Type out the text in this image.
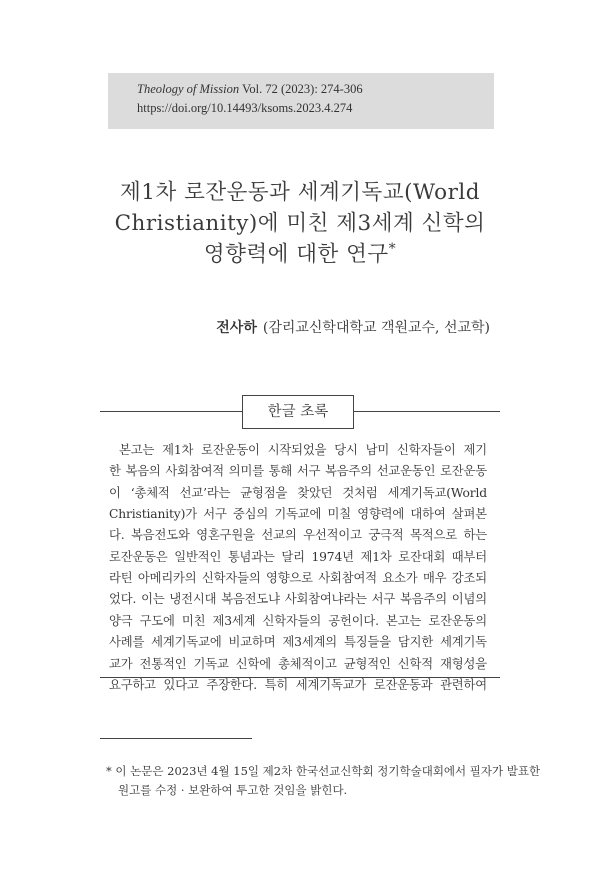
Theology of Mission Vol. 72 (2023): 274-306
https://doi.org/10.14493/ksoms.2023.4.274
제1차 로잔운동과 세계기독교(World
Christianity)에 미친 제3세계 신학의
영향력에 대한 연구*
전사하 (감리교신학대학교 객원교수, 선교학)
한글 초록
본고는 제1차 로잔운동이 시작되었을 당시 남미 신학자들이 제기
한 복음의 사회참여적 의미를 통해 서구 복음주의 선교운동인 로잔운동
이 ‘총체적 선교’라는 균형점을 찾았던 것처럼 세계기독교(World
Christianity)가 서구 중심의 기독교에 미칠 영향력에 대하여 살펴본
다. 복음전도와 영혼구원을 선교의 우선적이고 궁극적 목적으로 하는
로잔운동은 일반적인 통념과는 달리 1974년 제1차 로잔대회 때부터
라틴 아메리카의 신학자들의 영향으로 사회참여적 요소가 매우 강조되
었다. 이는 냉전시대 복음전도냐 사회참여냐라는 서구 복음주의 이념의
양극 구도에 미친 제3세계 신학자들의 공헌이다. 본고는 로잔운동의
사례를 세계기독교에 비교하며 제3세계의 특징들을 담지한 세계기독
교가 전통적인 기독교 신학에 총체적이고 균형적인 신학적 재형성을
요구하고 있다고 주장한다. 특히 세계기독교가 로잔운동과 관련하여
* 이 논문은 2023년 4월 15일 제2차 한국선교신학회 정기학술대회에서 필자가 발표한
원고를 수정 · 보완하여 투고한 것임을 밝힌다.
